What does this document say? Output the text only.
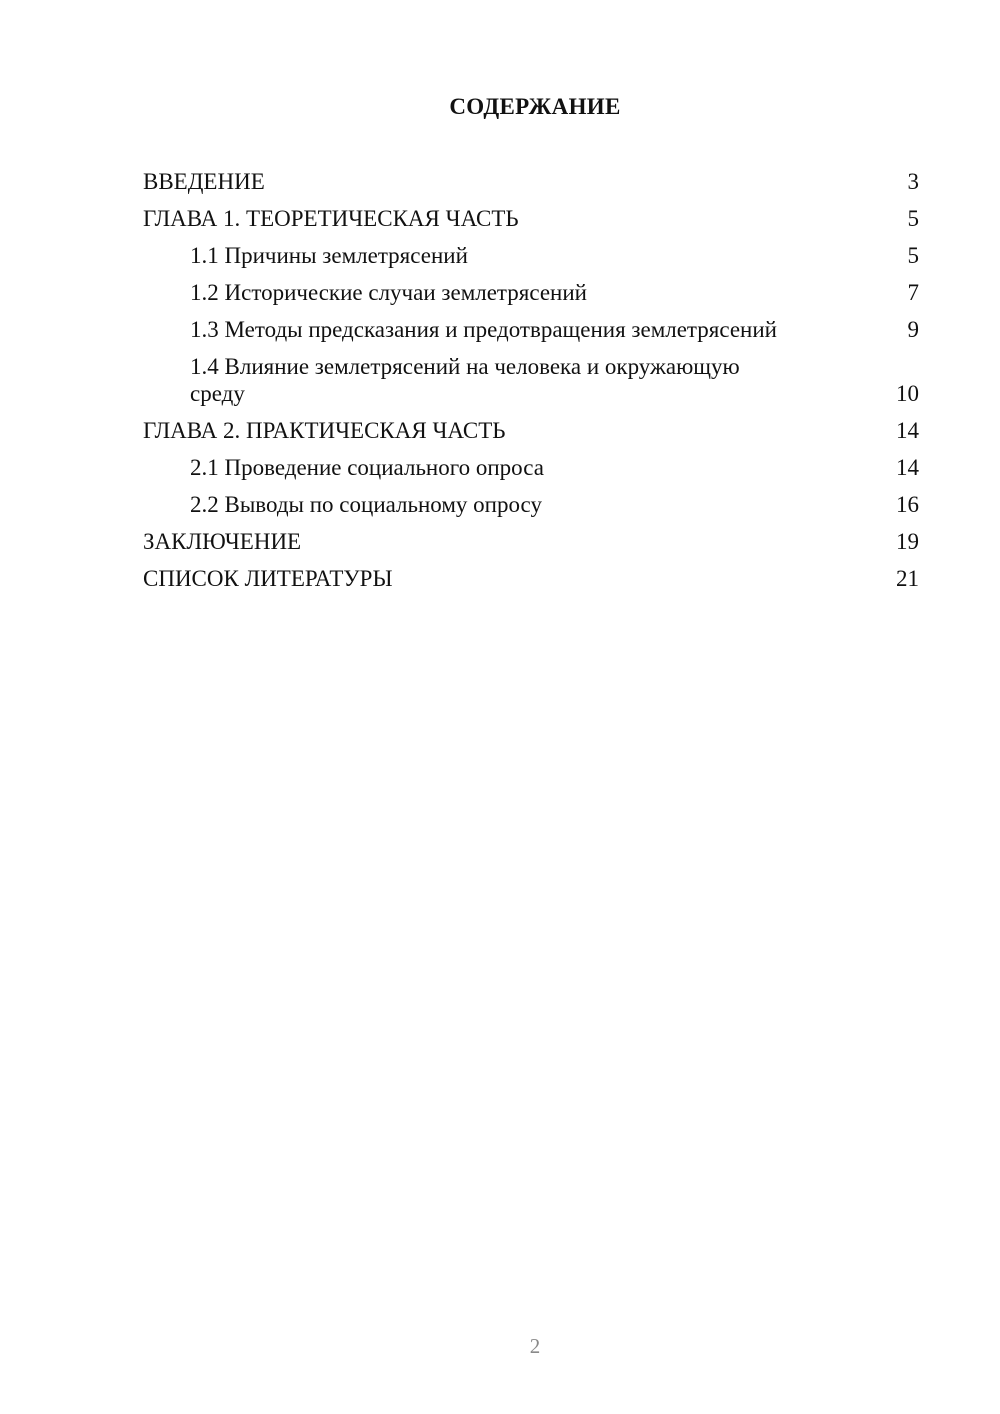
СОДЕРЖАНИЕ
ВВЕДЕНИЕ	3
ГЛАВА 1. ТЕОРЕТИЧЕСКАЯ ЧАСТЬ	5
1.1 Причины землетрясений	5
1.2 Исторические случаи землетрясений	7
1.3 Методы предсказания и предотвращения землетрясений	9
1.4 Влияние землетрясений на человека и окружающую среду	10
ГЛАВА 2. ПРАКТИЧЕСКАЯ ЧАСТЬ	14
2.1 Проведение социального опроса	14
2.2 Выводы по социальному опросу	16
ЗАКЛЮЧЕНИЕ	19
СПИСОК ЛИТЕРАТУРЫ	21
2
